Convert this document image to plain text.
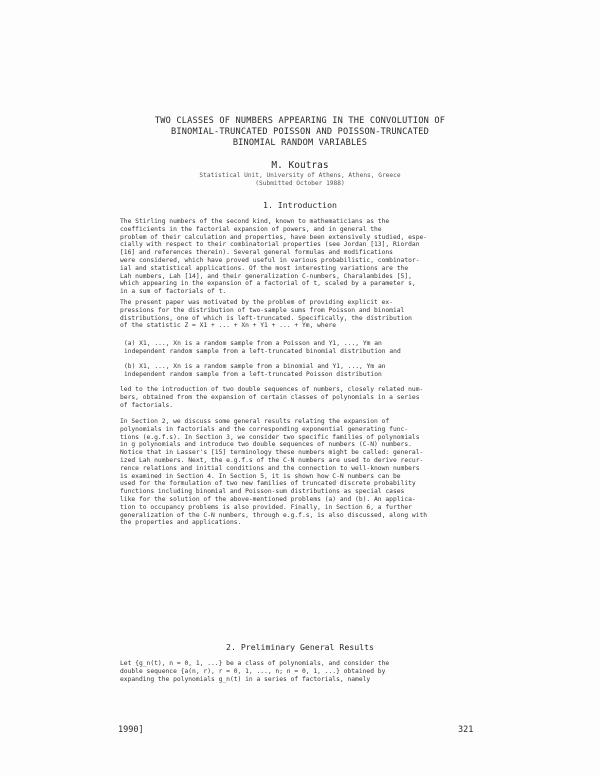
TWO CLASSES OF NUMBERS APPEARING IN THE CONVOLUTION OF
BINOMIAL-TRUNCATED POISSON AND POISSON-TRUNCATED
BINOMIAL RANDOM VARIABLES
M. Koutras
Statistical Unit, University of Athens, Athens, Greece
(Submitted October 1988)
1. Introduction
The Stirling numbers of the second kind, known to mathematicians as the
coefficients in the factorial expansion of powers, and in general the
problem of their calculation and properties, have been extensively studied, espe-
cially with respect to their combinatorial properties (see Jordan [13], Riordan
[16] and references therein). Several general formulas and modifications
were considered, which have proved useful in various probabilistic, combinator-
ial and statistical applications. Of the most interesting variations are the
Lah numbers, Lah [14], and their generalization C-numbers, Charalambides [5],
which appearing in the expansion of a factorial of t, scaled by a parameter s,
in a sum of factorials of t.
The present paper was motivated by the problem of providing explicit ex-
pressions for the distribution of two-sample sums from Poisson and binomial
distributions, one of which is left-truncated. Specifically, the distribution
of the statistic Z = X1 + ... + Xn + Y1 + ... + Ym, where
(a) X1, ..., Xn is a random sample from a Poisson and Y1, ..., Ym an
independent random sample from a left-truncated binomial distribution and
(b) X1, ..., Xn is a random sample from a binomial and Y1, ..., Ym an
independent random sample from a left-truncated Poisson distribution
led to the introduction of two double sequences of numbers, closely related num-
bers, obtained from the expansion of certain classes of polynomials in a series
of factorials.
In Section 2, we discuss some general results relating the expansion of
polynomials in factorials and the corresponding exponential generating func-
tions (e.g.f.s). In Section 3, we consider two specific families of polynomials
in g polynomials and introduce two double sequences of numbers (C-N) numbers.
Notice that in Lasser's [15] terminology these numbers might be called: general-
ized Lah numbers. Next, the e.g.f.s of the C-N numbers are used to derive recur-
rence relations and initial conditions and the connection to well-known numbers
is examined in Section 4. In Section 5, it is shown how C-N numbers can be
used for the formulation of two new families of truncated discrete probability
functions including binomial and Poisson-sum distributions as special cases
like for the solution of the above-mentioned problems (a) and (b). An applica-
tion to occupancy problems is also provided. Finally, in Section 6, a further
generalization of the C-N numbers, through e.g.f.s, is also discussed, along with
the properties and applications.
2. Preliminary General Results
Let {g_n(t), n = 0, 1, ...} be a class of polynomials, and consider the
double sequence {a(n, r), r = 0, 1, ..., n; n = 0, 1, ...} obtained by
expanding the polynomials g_n(t) in a series of factorials, namely
1990]	321
